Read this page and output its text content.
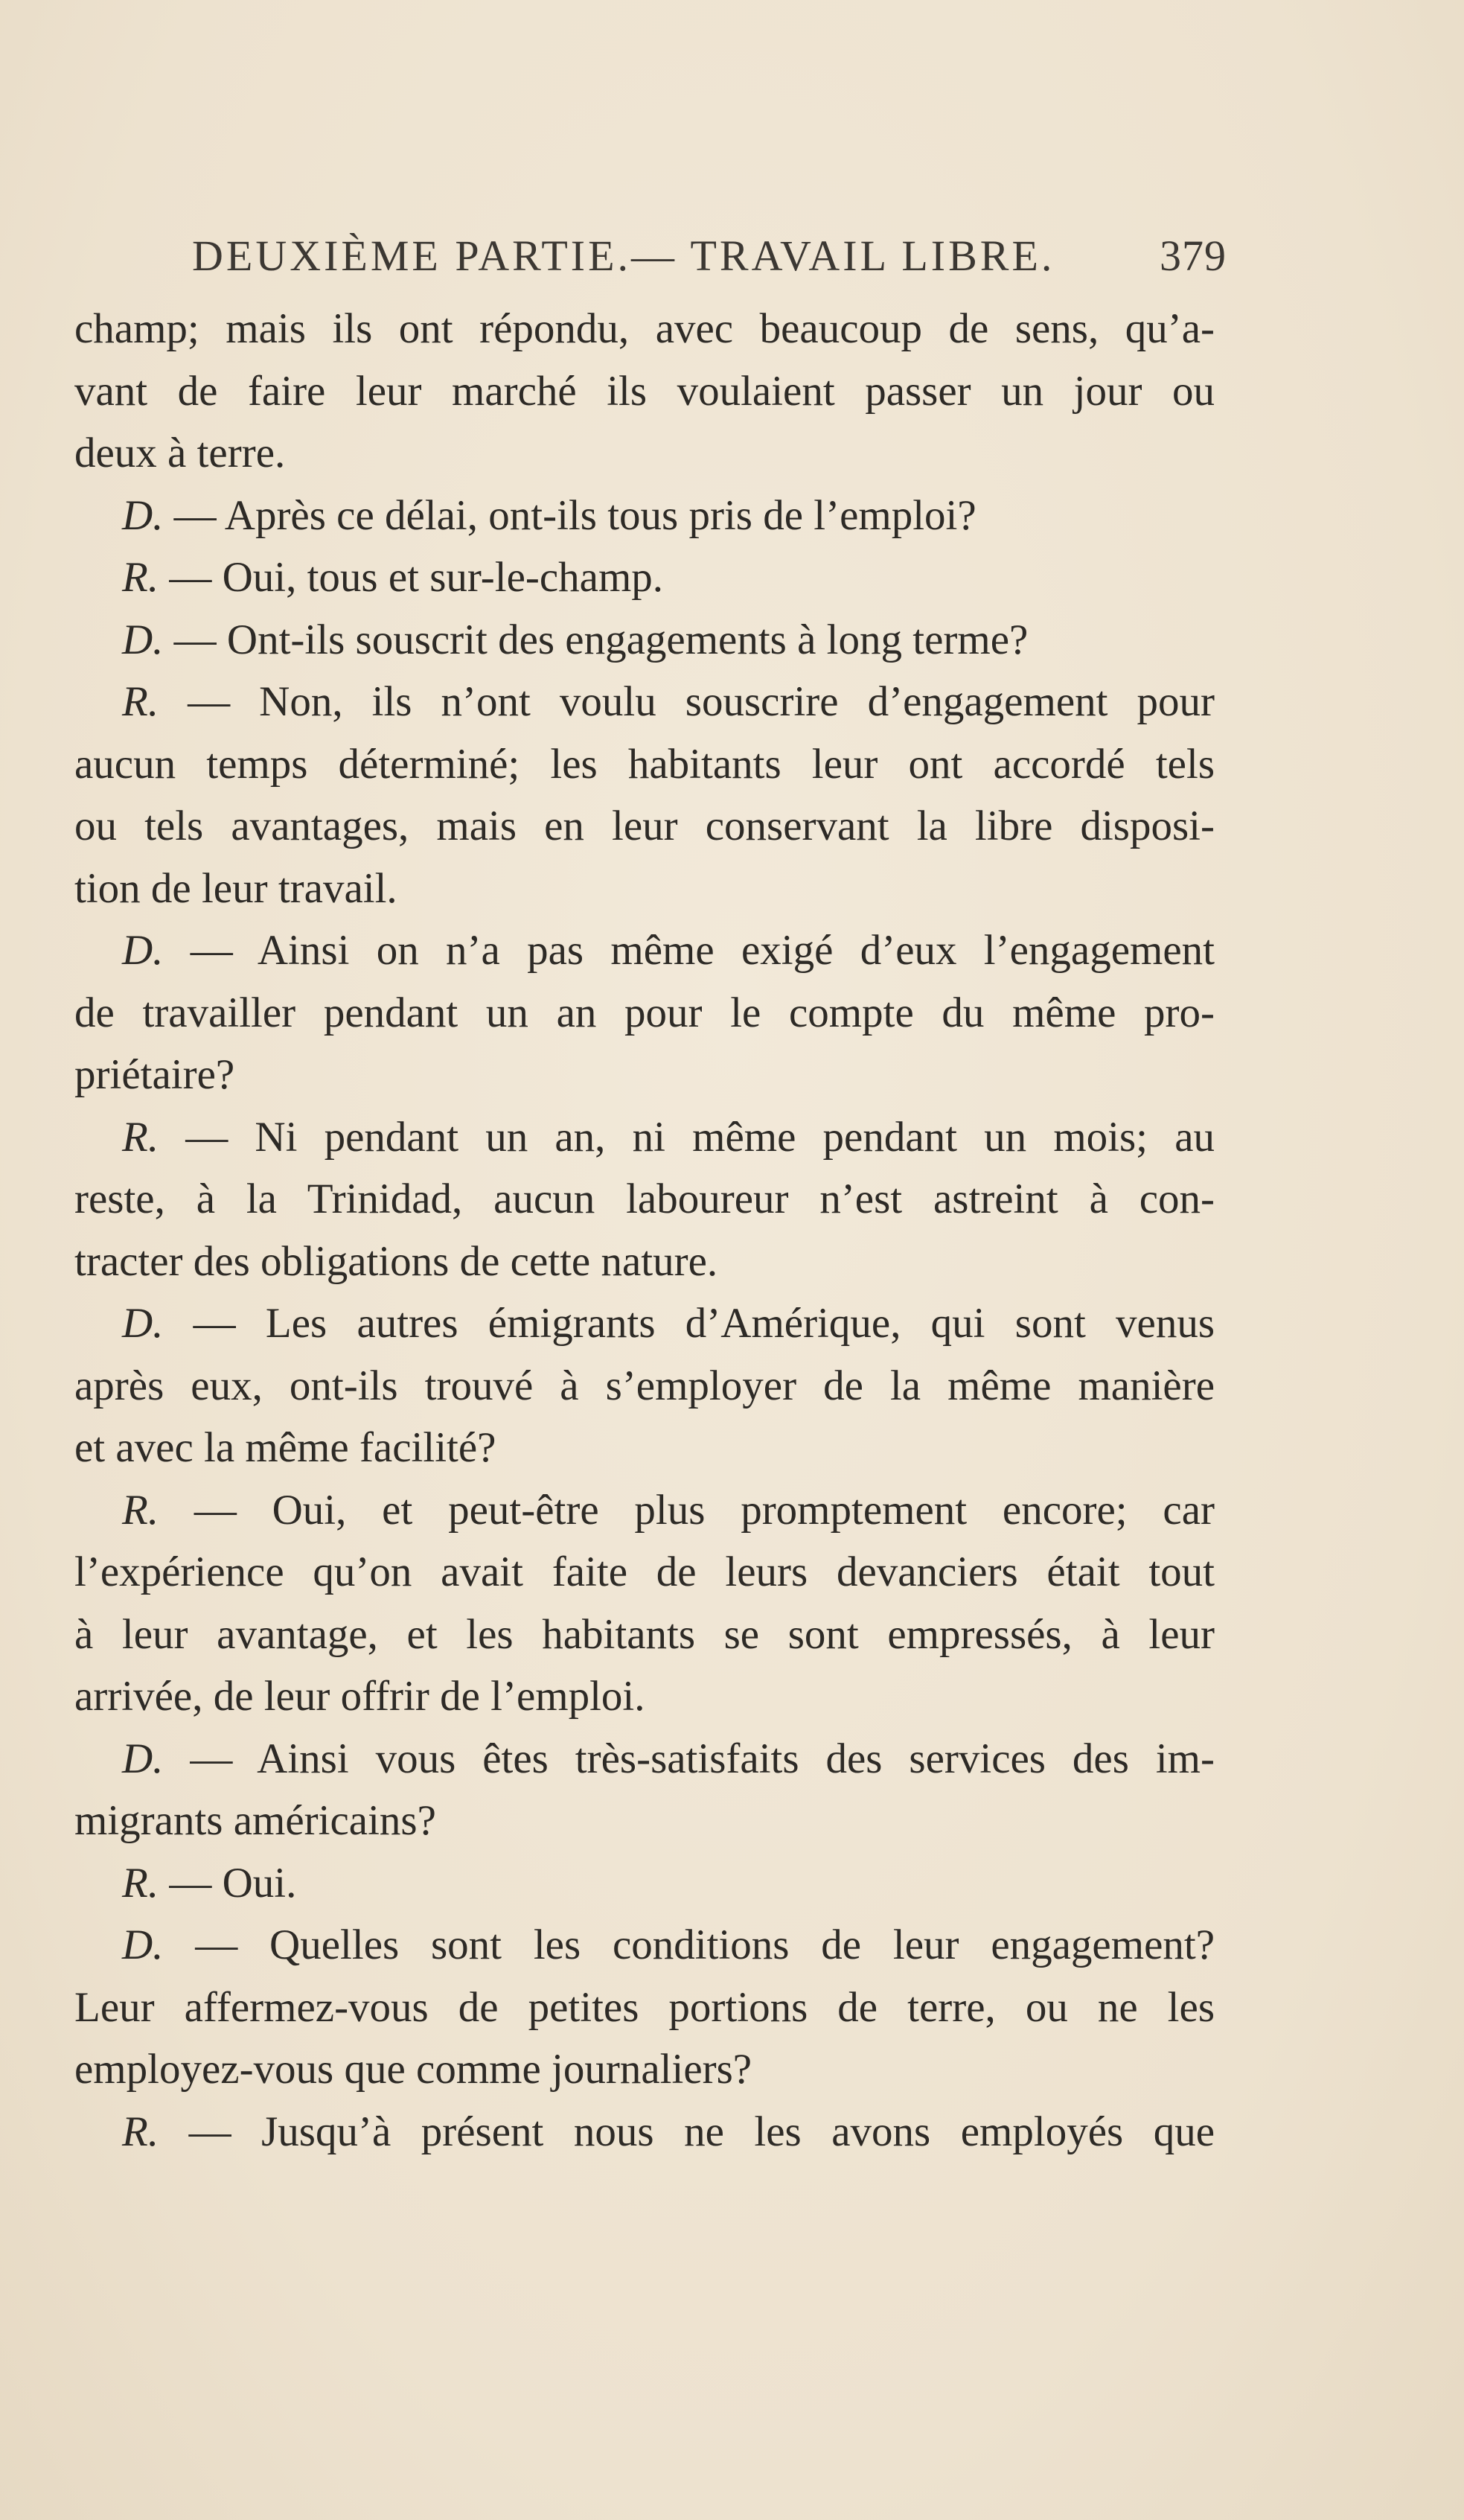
DEUXIÈME PARTIE.— TRAVAIL LIBRE. 379
champ; mais ils ont répondu, avec beaucoup de sens, qu’a-
vant de faire leur marché ils voulaient passer un jour ou
deux à terre.
D. — Après ce délai, ont-ils tous pris de l’emploi?
R. — Oui, tous et sur-le-champ.
D. — Ont-ils souscrit des engagements à long terme?
R. — Non, ils n’ont voulu souscrire d’engagement pour
aucun temps déterminé; les habitants leur ont accordé tels
ou tels avantages, mais en leur conservant la libre disposi-
tion de leur travail.
D. — Ainsi on n’a pas même exigé d’eux l’engagement
de travailler pendant un an pour le compte du même pro-
priétaire?
R. — Ni pendant un an, ni même pendant un mois; au
reste, à la Trinidad, aucun laboureur n’est astreint à con-
tracter des obligations de cette nature.
D. — Les autres émigrants d’Amérique, qui sont venus
après eux, ont-ils trouvé à s’employer de la même manière
et avec la même facilité?
R. — Oui, et peut-être plus promptement encore; car
l’expérience qu’on avait faite de leurs devanciers était tout
à leur avantage, et les habitants se sont empressés, à leur
arrivée, de leur offrir de l’emploi.
D. — Ainsi vous êtes très-satisfaits des services des im-
migrants américains?
R. — Oui.
D. — Quelles sont les conditions de leur engagement?
Leur affermez-vous de petites portions de terre, ou ne les
employez-vous que comme journaliers?
R. — Jusqu’à présent nous ne les avons employés que
